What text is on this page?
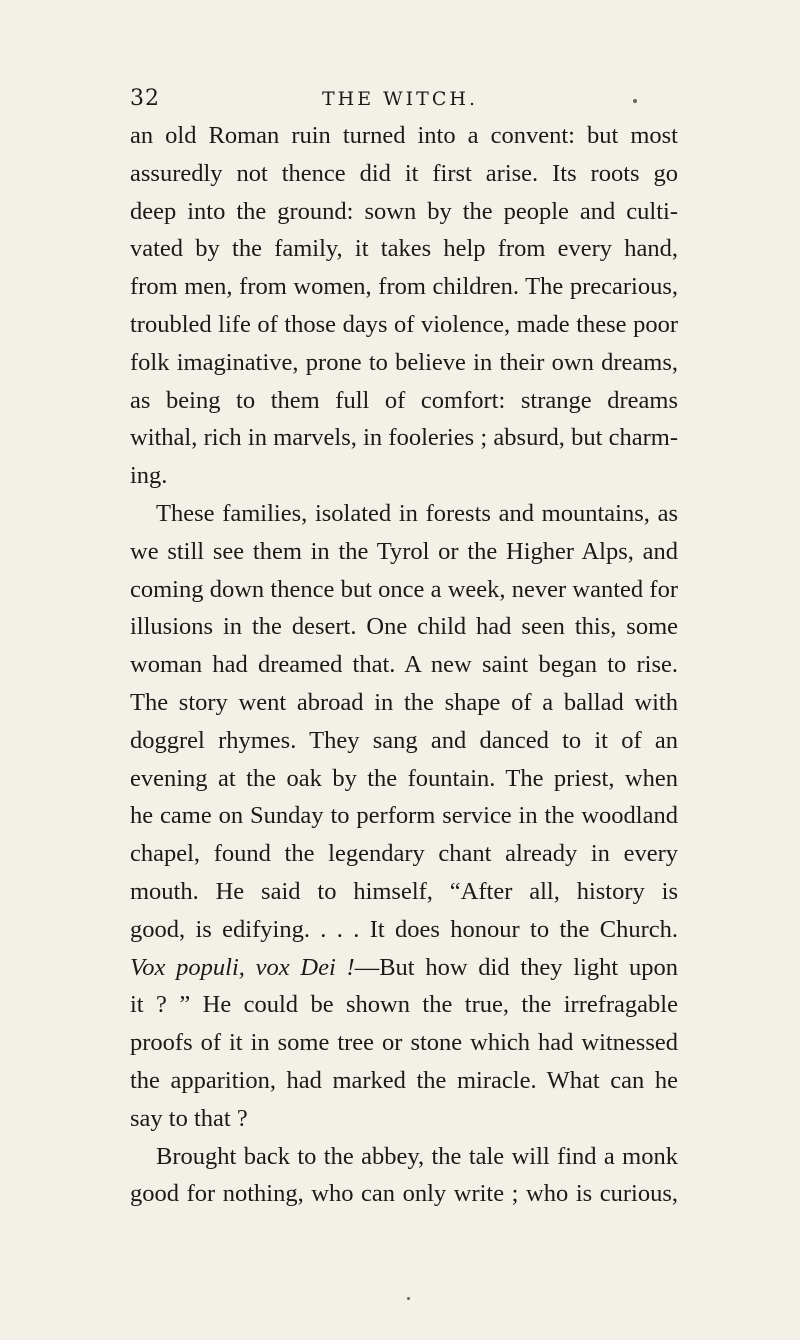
32	THE WITCH.
an old Roman ruin turned into a convent: but most
assuredly not thence did it first arise. Its roots go
deep into the ground: sown by the people and culti-
vated by the family, it takes help from every hand,
from men, from women, from children. The precarious,
troubled life of those days of violence, made these poor
folk imaginative, prone to believe in their own dreams,
as being to them full of comfort: strange dreams
withal, rich in marvels, in fooleries ; absurd, but charm-
ing.
These families, isolated in forests and mountains, as
we still see them in the Tyrol or the Higher Alps, and
coming down thence but once a week, never wanted for
illusions in the desert. One child had seen this, some
woman had dreamed that. A new saint began to rise.
The story went abroad in the shape of a ballad with
doggrel rhymes. They sang and danced to it of an
evening at the oak by the fountain. The priest, when
he came on Sunday to perform service in the woodland
chapel, found the legendary chant already in every
mouth. He said to himself, “After all, history is
good, is edifying. . . . It does honour to the Church.
Vox populi, vox Dei !—But how did they light upon
it ? ” He could be shown the true, the irrefragable
proofs of it in some tree or stone which had witnessed
the apparition, had marked the miracle. What can he
say to that ?
Brought back to the abbey, the tale will find a monk
good for nothing, who can only write ; who is curious,
